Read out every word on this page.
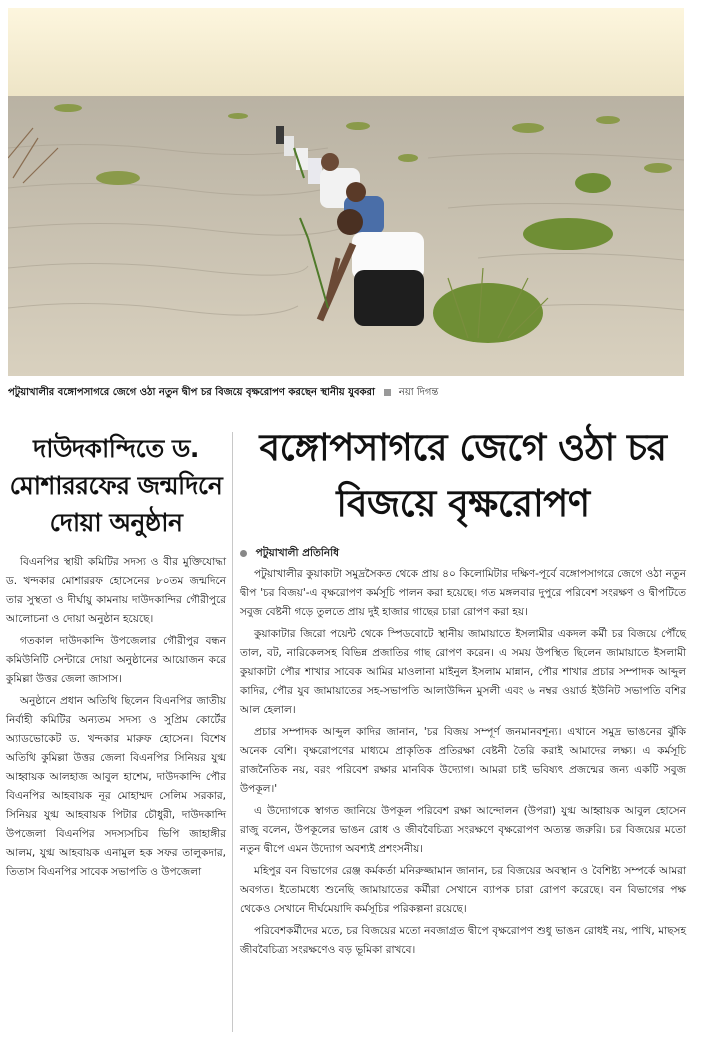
পটুয়াখালীর বঙ্গোপসাগরে জেগে ওঠা নতুন দ্বীপ চর বিজয়ে বৃক্ষরোপণ করছেন স্থানীয় যুবকরা নয়া দিগন্ত
দাউদকান্দিতে ড. মোশাররফের জন্মদিনে দোয়া অনুষ্ঠান

বিএনপির স্থায়ী কমিটির সদস্য ও বীর মুক্তিযোদ্ধা ড. খন্দকার মোশাররফ হোসেনের ৮০তম জন্মদিনে তার সুস্থতা ও দীর্ঘায়ু কামনায় দাউদকান্দির গৌরীপুরে আলোচনা ও দোয়া অনুষ্ঠান হয়েছে।

গতকাল দাউদকান্দি উপজেলার গৌরীপুর বন্ধন কমিউনিটি সেন্টারে দোয়া অনুষ্ঠানের আয়োজন করে কুমিল্লা উত্তর জেলা জাসাস।

অনুষ্ঠানে প্রধান অতিথি ছিলেন বিএনপির জাতীয় নির্বাহী কমিটির অন্যতম সদস্য ও সুপ্রিম কোর্টের অ্যাডভোকেট ড. খন্দকার মারুফ হোসেন। বিশেষ অতিথি কুমিল্লা উত্তর জেলা বিএনপির সিনিয়র যুগ্ম আহ্বায়ক আলহাজ আবুল হাশেম, দাউদকান্দি পৌর বিএনপির আহবায়ক নূর মোহাম্মদ সেলিম সরকার, সিনিয়র যুগ্ম আহবায়ক পিটার চৌধুরী, দাউদকান্দি উপজেলা বিএনপির সদস্যসচিব ভিপি জাহাঙ্গীর আলম, যুগ্ম আহবায়ক এনামুল হক সফর তালুকদার, তিতাস বিএনপির সাবেক সভাপতি ও উপজেলা

বঙ্গোপসাগরে জেগে ওঠা চর বিজয়ে বৃক্ষরোপণ
পটুয়াখালী প্রতিনিধি

পটুয়াখালীর কুয়াকাটা সমুদ্রসৈকত থেকে প্রায় ৪০ কিলোমিটার দক্ষিণ-পূর্বে বঙ্গোপসাগরে জেগে ওঠা নতুন দ্বীপ 'চর বিজয়'-এ বৃক্ষরোপণ কর্মসূচি পালন করা হয়েছে। গত মঙ্গলবার দুপুরে পরিবেশ সংরক্ষণ ও দ্বীপটিতে সবুজ বেষ্টনী গড়ে তুলতে প্রায় দুই হাজার গাছের চারা রোপণ করা হয়।

কুয়াকাটার জিরো পয়েন্ট থেকে স্পিডবোটে স্থানীয় জামায়াতে ইসলামীর একদল কর্মী চর বিজয়ে পৌঁছে তাল, বট, নারিকেলসহ বিভিন্ন প্রজাতির গাছ রোপণ করেন। এ সময় উপস্থিত ছিলেন জামায়াতে ইসলামী কুয়াকাটা পৌর শাখার সাবেক আমির মাওলানা মাইনুল ইসলাম মান্নান, পৌর শাখার প্রচার সম্পাদক আব্দুল কাদির, পৌর যুব জামায়াতের সহ-সভাপতি আলাউদ্দিন মুসলী এবং ৬ নম্বর ওয়ার্ড ইউনিট সভাপতি বশির আল হেলাল।

প্রচার সম্পাদক আব্দুল কাদির জানান, 'চর বিজয় সম্পূর্ণ জনমানবশূন্য। এখানে সমুদ্র ভাঙনের ঝুঁকি অনেক বেশি। বৃক্ষরোপণের মাধ্যমে প্রাকৃতিক প্রতিরক্ষা বেষ্টনী তৈরি করাই আমাদের লক্ষ্য। এ কর্মসূচি রাজনৈতিক নয়, বরং পরিবেশ রক্ষার মানবিক উদ্যোগ। আমরা চাই ভবিষ্যৎ প্রজন্মের জন্য একটি সবুজ উপকূল।'

এ উদ্যোগকে স্বাগত জানিয়ে উপকূল পরিবেশ রক্ষা আন্দোলন (উপরা) যুগ্ম আহ্বায়ক আবুল হোসেন রাজু বলেন, উপকূলের ভাঙন রোধ ও জীববৈচিত্র্য সংরক্ষণে বৃক্ষরোপণ অত্যন্ত জরুরি। চর বিজয়ের মতো নতুন দ্বীপে এমন উদ্যোগ অবশ্যই প্রশংসনীয়।

মহিপুর বন বিভাগের রেঞ্জ কর্মকর্তা মনিরুজ্জামান জানান, চর বিজয়ের অবস্থান ও বৈশিষ্ট্য সম্পর্কে আমরা অবগত। ইতোমধ্যে শুনেছি জামায়াতের কর্মীরা সেখানে ব্যাপক চারা রোপণ করেছে। বন বিভাগের পক্ষ থেকেও সেখানে দীর্ঘমেয়াদি কর্মসূচির পরিকল্পনা রয়েছে।

পরিবেশকর্মীদের মতে, চর বিজয়ের মতো নবজাগ্রত দ্বীপে বৃক্ষরোপণ শুধু ভাঙন রোধই নয়, পাখি, মাছসহ জীববৈচিত্র্য সংরক্ষণেও বড় ভূমিকা রাখবে।
